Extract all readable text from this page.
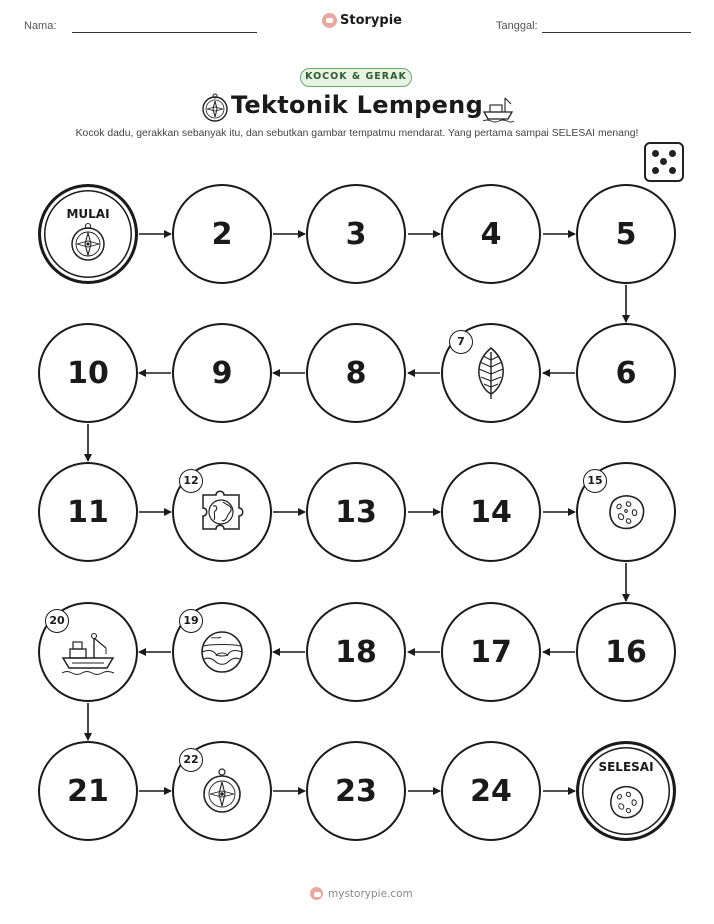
Nama:	Storypie	Tanggal:
KOCOK & GERAK
Tektonik Lempeng
Kocok dadu, gerakkan sebanyak itu, dan sebutkan gambar tempatmu mendarat. Yang pertama sampai SELESAI menang!
MULAI
2	3	4	5
6
7
8
9
10
11
12
13	14
15
16
17
18
19
20
21
22
23	24
SELESAI
mystorypie.com
